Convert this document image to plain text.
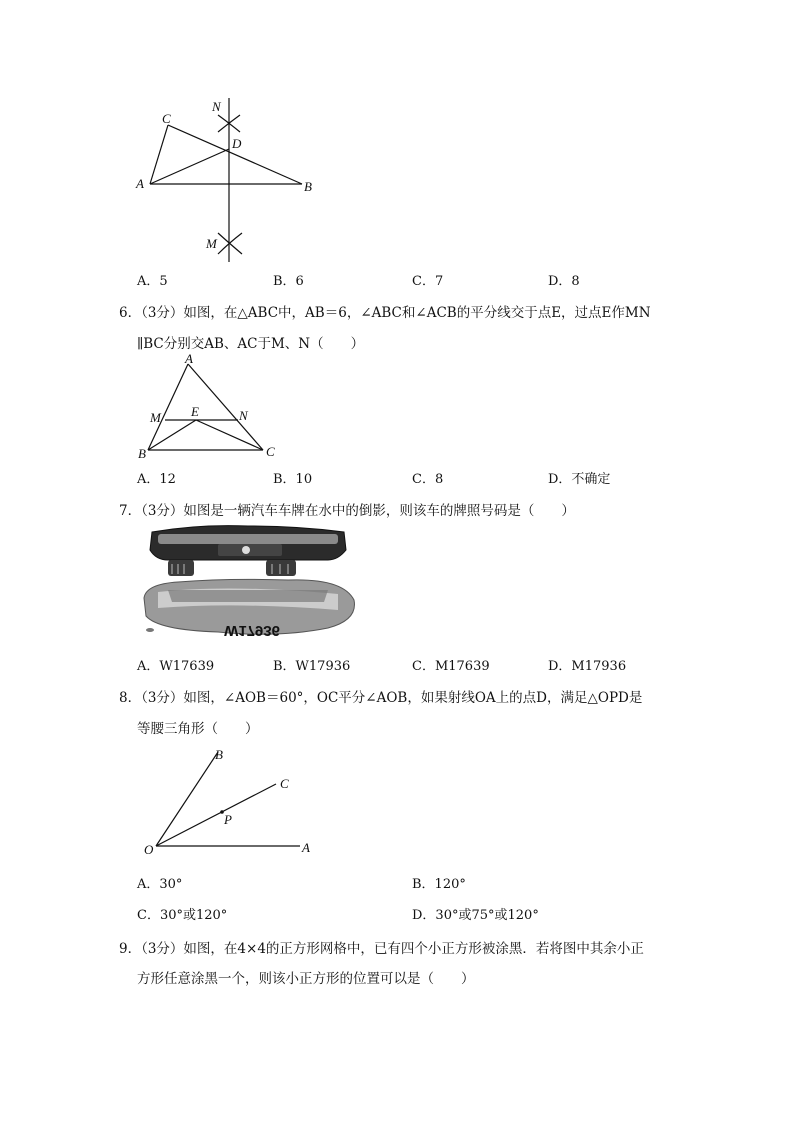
C
N
D
A	B
M
A．5	B．6	C．7	D．8
6．（3分）如图，在△ABC中，AB＝6，∠ABC和∠ACB的平分线交于点E，过点E作MN
∥BC分别交AB、AC于M、N（　　）
A
M E	N
B	C
A．12	B．10	C．8	D．不确定
7．（3分）如图是一辆汽车车牌在水中的倒影，则该车的牌照号码是（　　）
W17936
A．W17639	B．W17936	C．M17639	D．M17936
8．（3分）如图，∠AOB＝60°，OC平分∠AOB，如果射线OA上的点D，满足△OPD是
等腰三角形（　　）
B
C
P
O	A
A．30°	B．120°
C．30°或120°	D．30°或75°或120°
9．（3分）如图，在4×4的正方形网格中，已有四个小正方形被涂黑．若将图中其余小正
方形任意涂黑一个，则该小正方形的位置可以是（　　）
